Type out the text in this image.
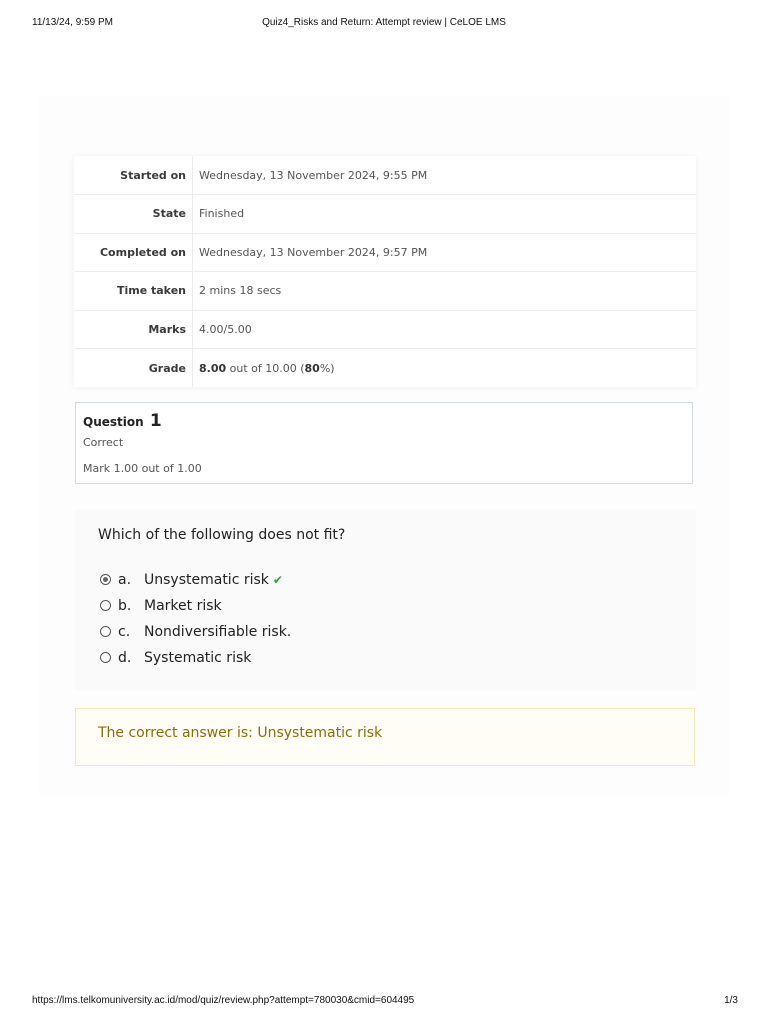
11/13/24, 9:59 PM	Quiz4_Risks and Return: Attempt review | CeLOE LMS
Started on	Wednesday, 13 November 2024, 9:55 PM
State	Finished
Completed on	Wednesday, 13 November 2024, 9:57 PM
Time taken	2 mins 18 secs
Marks	4.00/5.00
Grade	8.00 out of 10.00 (80%)
Question 1
Correct
Mark 1.00 out of 1.00
Which of the following does not fit?
a. Unsystematic risk ✔
b. Market risk
c. Nondiversifiable risk.
d. Systematic risk
The correct answer is: Unsystematic risk
https://lms.telkomuniversity.ac.id/mod/quiz/review.php?attempt=780030&cmid=604495	1/3
